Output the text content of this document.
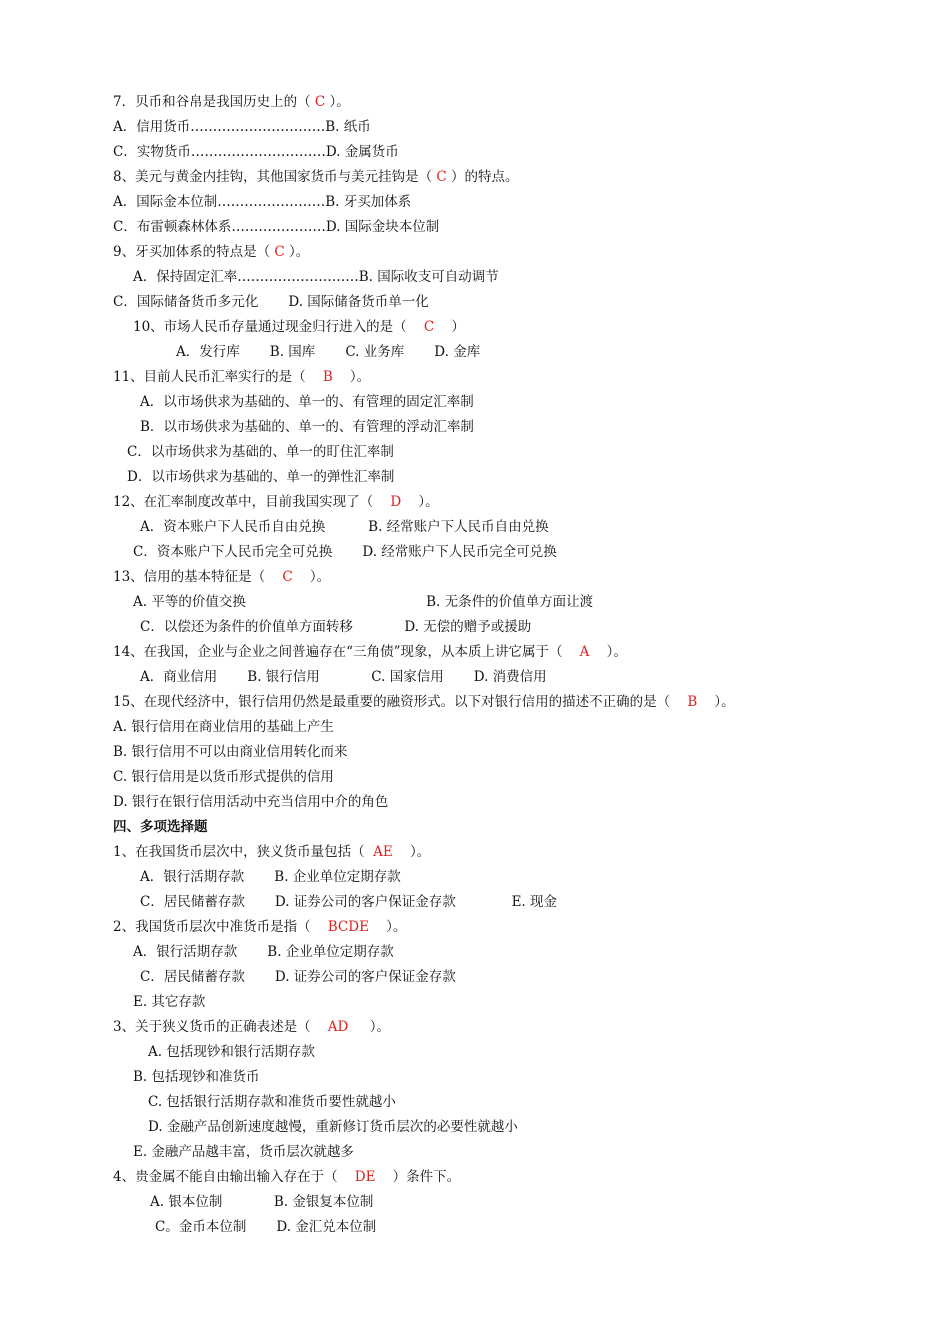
7．贝币和谷帛是我国历史上的（ C ）。
A．信用货币…………………………B. 纸币
C．实物货币…………………………D. 金属货币
8、美元与黄金内挂钩，其他国家货币与美元挂钩是（ C ）的特点。
A．国际金本位制……………………B. 牙买加体系
C．布雷顿森林体系…………………D. 国际金块本位制
9、牙买加体系的特点是（ C ）。
A．保持固定汇率………………………B. 国际收支可自动调节
C．国际储备货币多元化       D. 国际储备货币单一化
10、市场人民币存量通过现金归行进入的是（    C    ）
A．发行库       B. 国库       C. 业务库       D. 金库
11、目前人民币汇率实行的是（    B    ）。
A．以市场供求为基础的、单一的、有管理的固定汇率制
B．以市场供求为基础的、单一的、有管理的浮动汇率制
C．以市场供求为基础的、单一的盯住汇率制
D．以市场供求为基础的、单一的弹性汇率制
12、在汇率制度改革中，目前我国实现了（    D    ）。
A．资本账户下人民币自由兑换          B. 经常账户下人民币自由兑换
C．资本账户下人民币完全可兑换       D. 经常账户下人民币完全可兑换
13、信用的基本特征是（    C    ）。
A. 平等的价值交换                                          B. 无条件的价值单方面让渡
C．以偿还为条件的价值单方面转移            D. 无偿的赠予或援助
14、在我国，企业与企业之间普遍存在“三角债”现象，从本质上讲它属于（    A    ）。
A．商业信用       B. 银行信用            C. 国家信用       D. 消费信用
15、在现代经济中，银行信用仍然是最重要的融资形式。以下对银行信用的描述不正确的是（    B    ）。
A. 银行信用在商业信用的基础上产生
B. 银行信用不可以由商业信用转化而来
C. 银行信用是以货币形式提供的信用
D. 银行在银行信用活动中充当信用中介的角色
四、多项选择题
1、在我国货币层次中，狭义货币量包括（  AE    ）。
A．银行活期存款       B. 企业单位定期存款
C．居民储蓄存款       D. 证券公司的客户保证金存款             E. 现金
2、我国货币层次中准货币是指（    BCDE    ）。
A．银行活期存款       B. 企业单位定期存款
C．居民储蓄存款       D. 证券公司的客户保证金存款
E. 其它存款
3、关于狭义货币的正确表述是（    AD     ）。
A. 包括现钞和银行活期存款
B. 包括现钞和准货币
C. 包括银行活期存款和准货币要性就越小
D. 金融产品创新速度越慢，重新修订货币层次的必要性就越小
E. 金融产品越丰富，货币层次就越多
4、贵金属不能自由输出输入存在于（    DE    ）条件下。
A. 银本位制            B. 金银复本位制
C。金币本位制       D. 金汇兑本位制
